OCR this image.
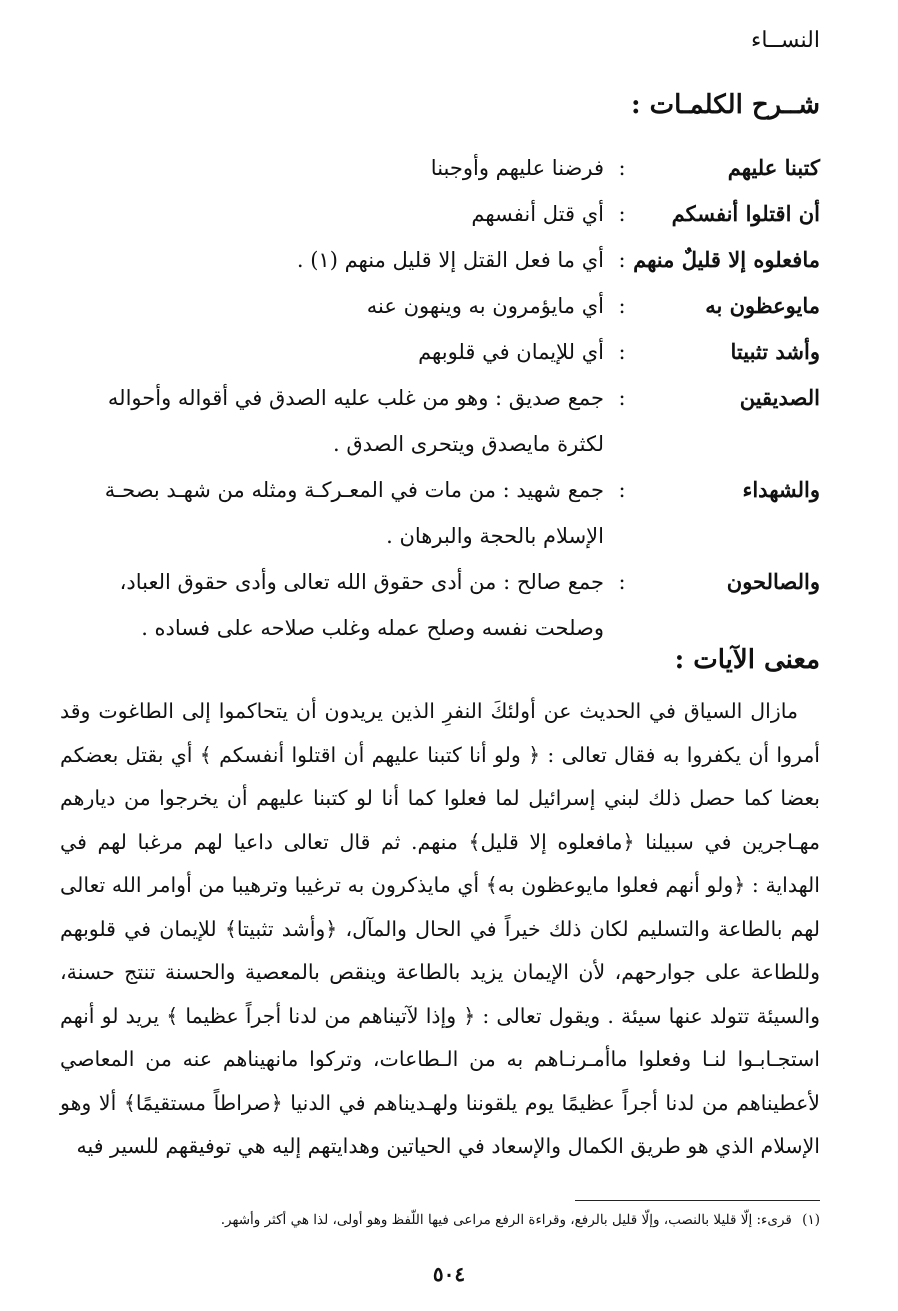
النســاء
شــرح الكلمـات :
كتبنا عليهم
:
فرضنا عليهم وأوجبنا
أن اقتلوا أنفسكم
:
أي قتل أنفسهم
مافعلوه إلا قليلٌ منهم
:
أي ما فعل القتل إلا قليل منهم (١) .
مايوعظون به
:
أي مايؤمرون به وينهون عنه
وأشد تثبيتا
:
أي للإيمان في قلوبهم
الصديقين
:
جمع صديق : وهو من غلب عليه الصدق في أقواله وأحواله لكثرة مايصدق ويتحرى الصدق .
والشهداء
:
جمع شهيد : من مات في المعـركـة ومثله من شهـد بصحـة الإسلام بالحجة والبرهان .
والصالحون
:
جمع صالح : من أدى حقوق الله تعالى وأدى حقوق العباد، وصلحت نفسه وصلح عمله وغلب صلاحه على فساده .
معنى الآيات :

مازال السياق في الحديث عن أولئكَ النفرِ الذين يريدون أن يتحاكموا إلى الطاغوت وقد أمروا أن يكفروا به فقال تعالى : ﴿ ولو أنا كتبنا عليهم أن اقتلوا أنفسكم ﴾ أي بقتل بعضكم بعضا كما حصل ذلك لبني إسرائيل لما فعلوا كما أنا لو كتبنا عليهم أن يخرجوا من ديارهم مهـاجرين في سبيلنا ﴿مافعلوه إلا قليل﴾ منهم. ثم قال تعالى داعيا لهم مرغبا لهم في الهداية : ﴿ولو أنهم فعلوا مايوعظون به﴾ أي مايذكرون به ترغيبا وترهيبا من أوامر الله تعالى لهم بالطاعة والتسليم لكان ذلك خيراً في الحال والمآل، ﴿وأشد تثبيتا﴾ للإيمان في قلوبهم وللطاعة على جوارحهم، لأن الإيمان يزيد بالطاعة وينقص بالمعصية والحسنة تنتج حسنة، والسيئة تتولد عنها سيئة . ويقول تعالى : ﴿ وإذا لآتيناهم من لدنا أجراً عظيما ﴾ يريد لو أنهم استجـابـوا لنـا وفعلوا ماأمـرنـاهم به من الـطاعات، وتركوا مانهيناهم عنه من المعاصي لأعطيناهم من لدنا أجراً عظيمًا يوم يلقوننا ولهـديناهم في الدنيا ﴿صراطاً مستقيمًا﴾ ألا وهو الإسلام الذي هو طريق الكمال والإسعاد في الحياتين وهدايتهم إليه هي توفيقهم للسير فيه

(١) قرىء: إلّا قليلا بالنصب، وإلّا قليل بالرفع، وقراءة الرفع مراعى فيها اللّفظ وهو أولى، لذا هي أكثر وأشهر.
٥٠٤
